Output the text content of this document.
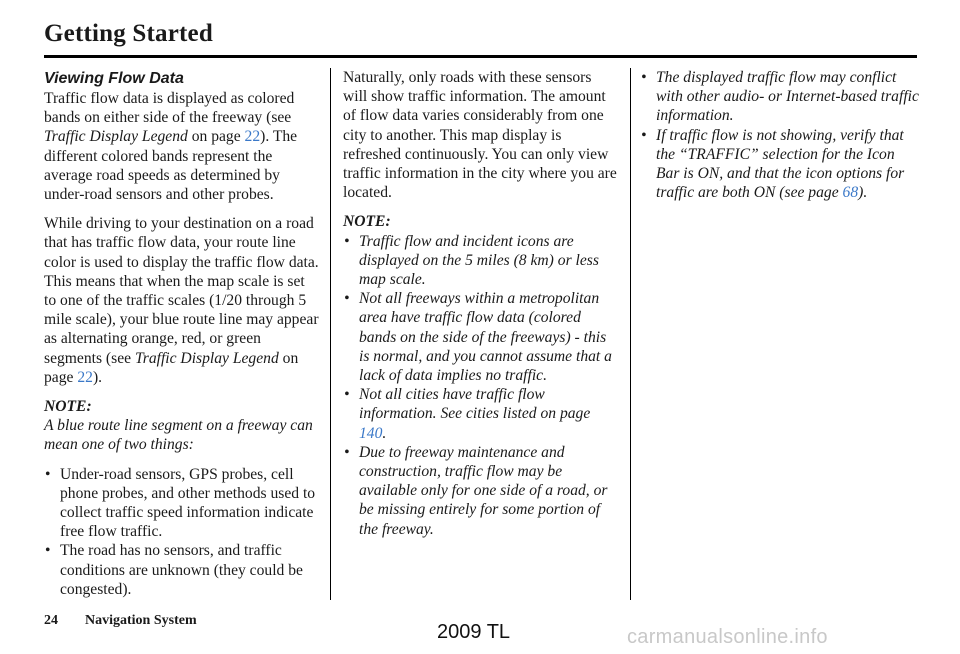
Getting Started
Viewing Flow Data

Traffic flow data is displayed as colored bands on either side of the freeway (see Traffic Display Legend on page 22). The different colored bands represent the average road speeds as determined by under-road sensors and other probes.

While driving to your destination on a road that has traffic flow data, your route line color is used to display the traffic flow data. This means that when the map scale is set to one of the traffic scales (1/20 through 5 mile scale), your blue route line may appear as alternating orange, red, or green segments (see Traffic Display Legend on page 22).

NOTE:

A blue route line segment on a freeway can mean one of two things:

• Under-road sensors, GPS probes, cell phone probes, and other methods used to collect traffic speed information indicate free flow traffic.
• The road has no sensors, and traffic conditions are unknown (they could be congested).

Naturally, only roads with these sensors will show traffic information. The amount of flow data varies considerably from one city to another. This map display is refreshed continuously. You can only view traffic information in the city where you are located.

NOTE:
• Traffic flow and incident icons are displayed on the 5 miles (8 km) or less map scale.
• Not all freeways within a metropolitan area have traffic flow data (colored bands on the side of the freeways) - this is normal, and you cannot assume that a lack of data implies no traffic.
• Not all cities have traffic flow information. See cities listed on page 140.
• Due to freeway maintenance and construction, traffic flow may be available only for one side of a road, or be missing entirely for some portion of the freeway.
• The displayed traffic flow may conflict with other audio- or Internet-based traffic information.
• If traffic flow is not showing, verify that the “TRAFFIC” selection for the Icon Bar is ON, and that the icon options for traffic are both ON (see page 68).
24 Navigation System
2009 TL	carmanualsonline.info
